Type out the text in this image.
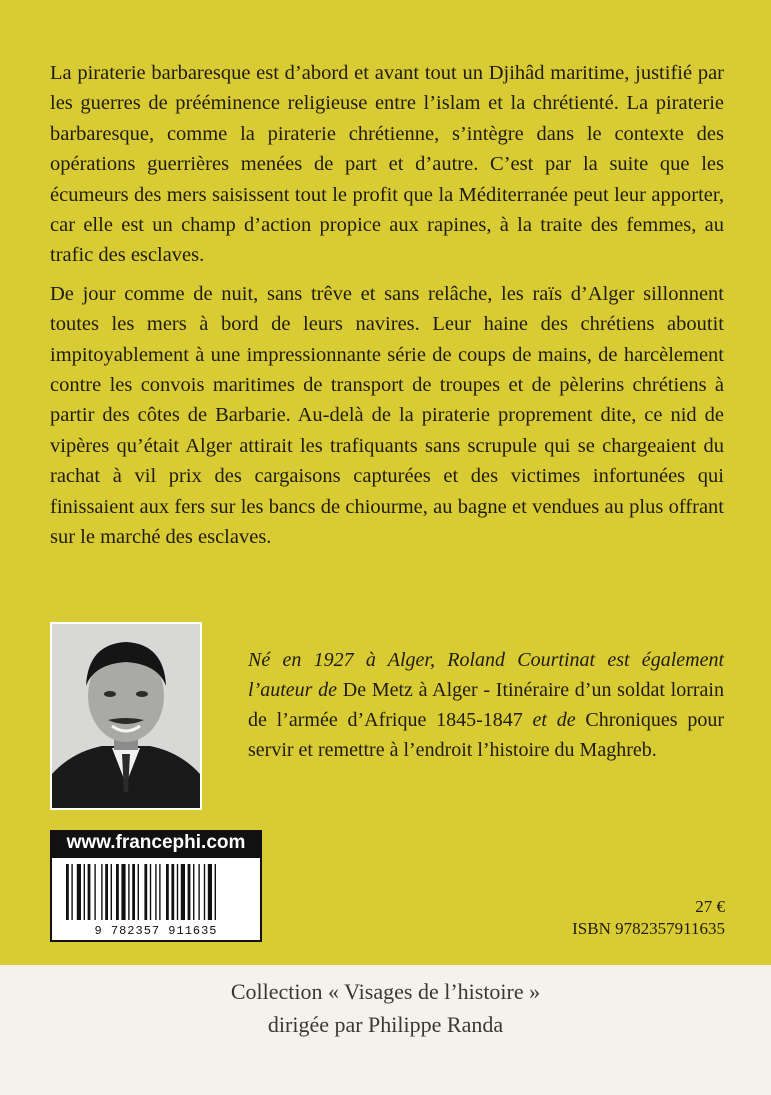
La piraterie barbaresque est d’abord et avant tout un Djihâd maritime, justifié par les guerres de prééminence religieuse entre l’islam et la chrétienté. La piraterie barbaresque, comme la piraterie chrétienne, s’intègre dans le contexte des opérations guerrières menées de part et d’autre. C’est par la suite que les écumeurs des mers saisissent tout le profit que la Méditerranée peut leur apporter, car elle est un champ d’action propice aux rapines, à la traite des femmes, au trafic des esclaves.

De jour comme de nuit, sans trêve et sans relâche, les raïs d’Alger sillonnent toutes les mers à bord de leurs navires. Leur haine des chrétiens aboutit impitoyablement à une impressionnante série de coups de mains, de harcèlement contre les convois maritimes de transport de troupes et de pèlerins chrétiens à partir des côtes de Barbarie. Au-delà de la piraterie proprement dite, ce nid de vipères qu’était Alger attirait les trafiquants sans scrupule qui se chargeaient du rachat à vil prix des cargaisons capturées et des victimes infortunées qui finissaient aux fers sur les bancs de chiourme, au bagne et vendues au plus offrant sur le marché des esclaves.

Né en 1927 à Alger, Roland Courtinat est également l’auteur de De Metz à Alger - Itinéraire d’un soldat lorrain de l’armée d’Afrique 1845-1847 et de Chroniques pour servir et remettre à l’endroit l’histoire du Maghreb.

www.francephi.com
9 782357 911635
27 €
ISBN 9782357911635
Collection « Visages de l’histoire »
dirigée par Philippe Randa
